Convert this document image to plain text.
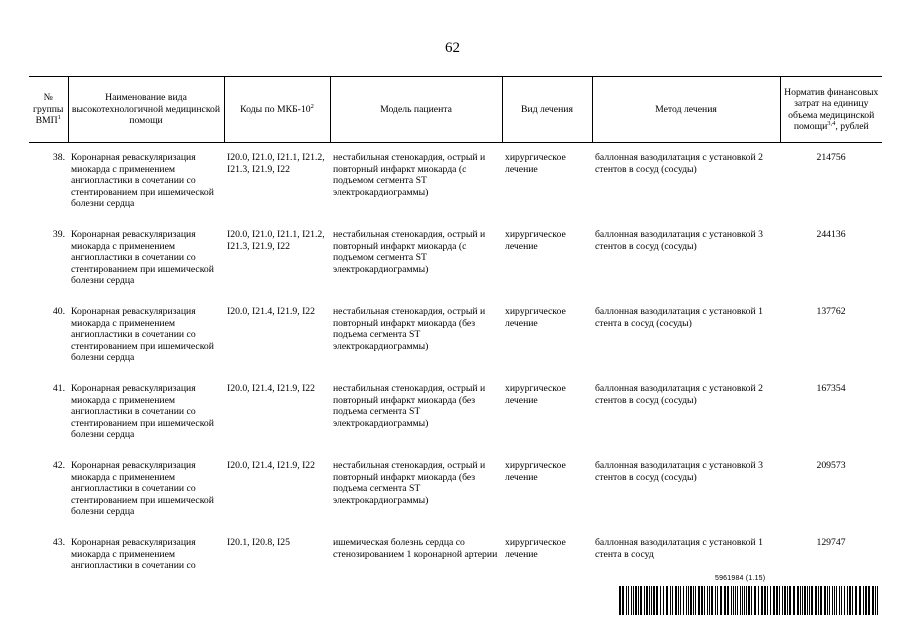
62
№ группы ВМП$^1$	Наименование вида высокотехнологичной медицинской помощи	Коды по МКБ-$10^2$	Модель пациента	Вид лечения	Метод лечения	Норматив финансовых затрат на единицу объема медицинской помощи$^{3,4}$, рублей
38.	Коронарная реваскуляризация миокарда с применением ангиопластики в сочетании со стентированием при ишемической болезни сердца	I20.0, I21.0, I21.1, I21.2, I21.3, I21.9, I22	нестабильная стенокардия, острый и повторный инфаркт миокарда (с подъемом сегмента ST электрокардиограммы)	хирургическое лечение	баллонная вазодилатация с установкой 2 стентов в сосуд (сосуды)	214756
39.	Коронарная реваскуляризация миокарда с применением ангиопластики в сочетании со стентированием при ишемической болезни сердца	I20.0, I21.0, I21.1, I21.2, I21.3, I21.9, I22	нестабильная стенокардия, острый и повторный инфаркт миокарда (с подъемом сегмента ST электрокардиограммы)	хирургическое лечение	баллонная вазодилатация с установкой 3 стентов в сосуд (сосуды)	244136
40.	Коронарная реваскуляризация миокарда с применением ангиопластики в сочетании со стентированием при ишемической болезни сердца	I20.0, I21.4, I21.9, I22	нестабильная стенокардия, острый и повторный инфаркт миокарда (без подъема сегмента ST электрокардиограммы)	хирургическое лечение	баллонная вазодилатация с установкой 1 стента в сосуд (сосуды)	137762
41.	Коронарная реваскуляризация миокарда с применением ангиопластики в сочетании со стентированием при ишемической болезни сердца	I20.0, I21.4, I21.9, I22	нестабильная стенокардия, острый и повторный инфаркт миокарда (без подъема сегмента ST электрокардиограммы)	хирургическое лечение	баллонная вазодилатация с установкой 2 стентов в сосуд (сосуды)	167354
42.	Коронарная реваскуляризация миокарда с применением ангиопластики в сочетании со стентированием при ишемической болезни сердца	I20.0, I21.4, I21.9, I22	нестабильная стенокардия, острый и повторный инфаркт миокарда (без подъема сегмента ST электрокардиограммы)	хирургическое лечение	баллонная вазодилатация с установкой 3 стентов в сосуд (сосуды)	209573
43.	Коронарная реваскуляризация миокарда с применением ангиопластики в сочетании со	I20.1, I20.8, I25	ишемическая болезнь сердца со стенозированием 1 коронарной артерии	хирургическое лечение	баллонная вазодилатация с установкой 1 стента в сосуд	129747
5961984 (1.15)
